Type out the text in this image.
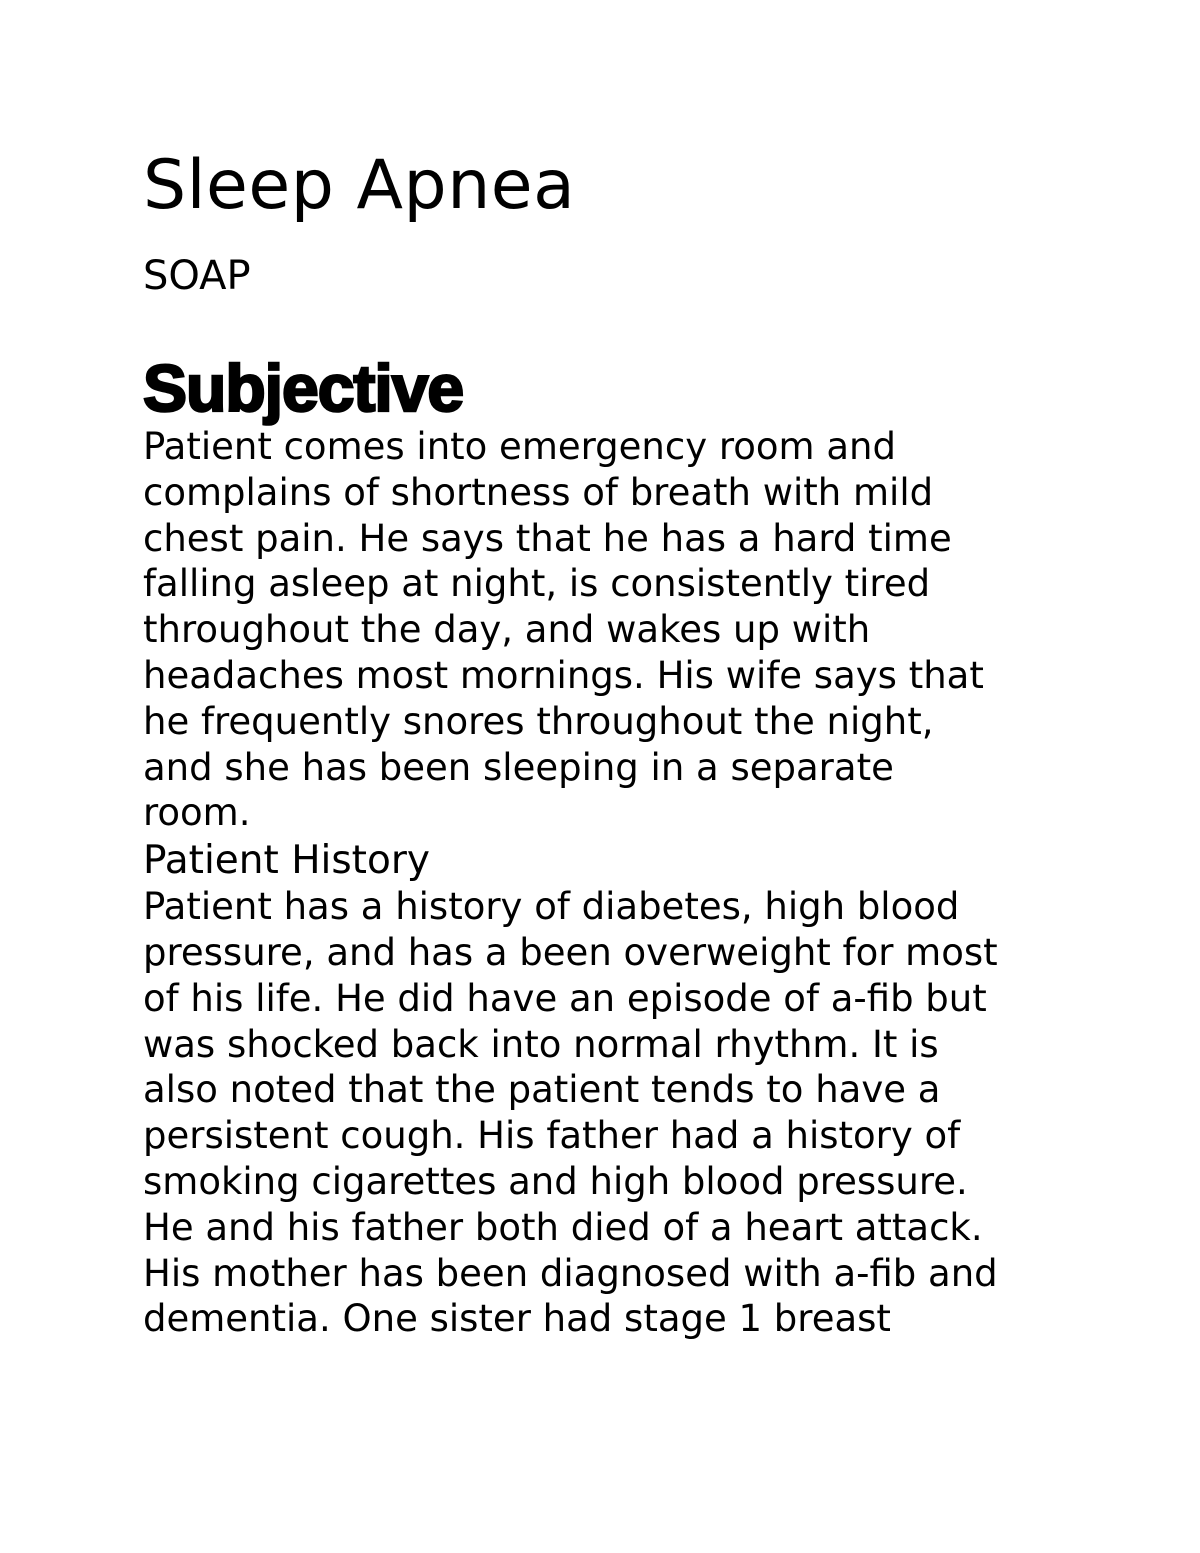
Sleep Apnea
SOAP
Subjective

Patient comes into emergency room and
complains of shortness of breath with mild
chest pain. He says that he has a hard time
falling asleep at night, is consistently tired
throughout the day, and wakes up with
headaches most mornings. His wife says that
he frequently snores throughout the night,
and she has been sleeping in a separate
room.

Patient History

Patient has a history of diabetes, high blood
pressure, and has a been overweight for most
of his life. He did have an episode of a-fib but
was shocked back into normal rhythm. It is
also noted that the patient tends to have a
persistent cough. His father had a history of
smoking cigarettes and high blood pressure.
He and his father both died of a heart attack.
His mother has been diagnosed with a-fib and
dementia. One sister had stage 1 breast
